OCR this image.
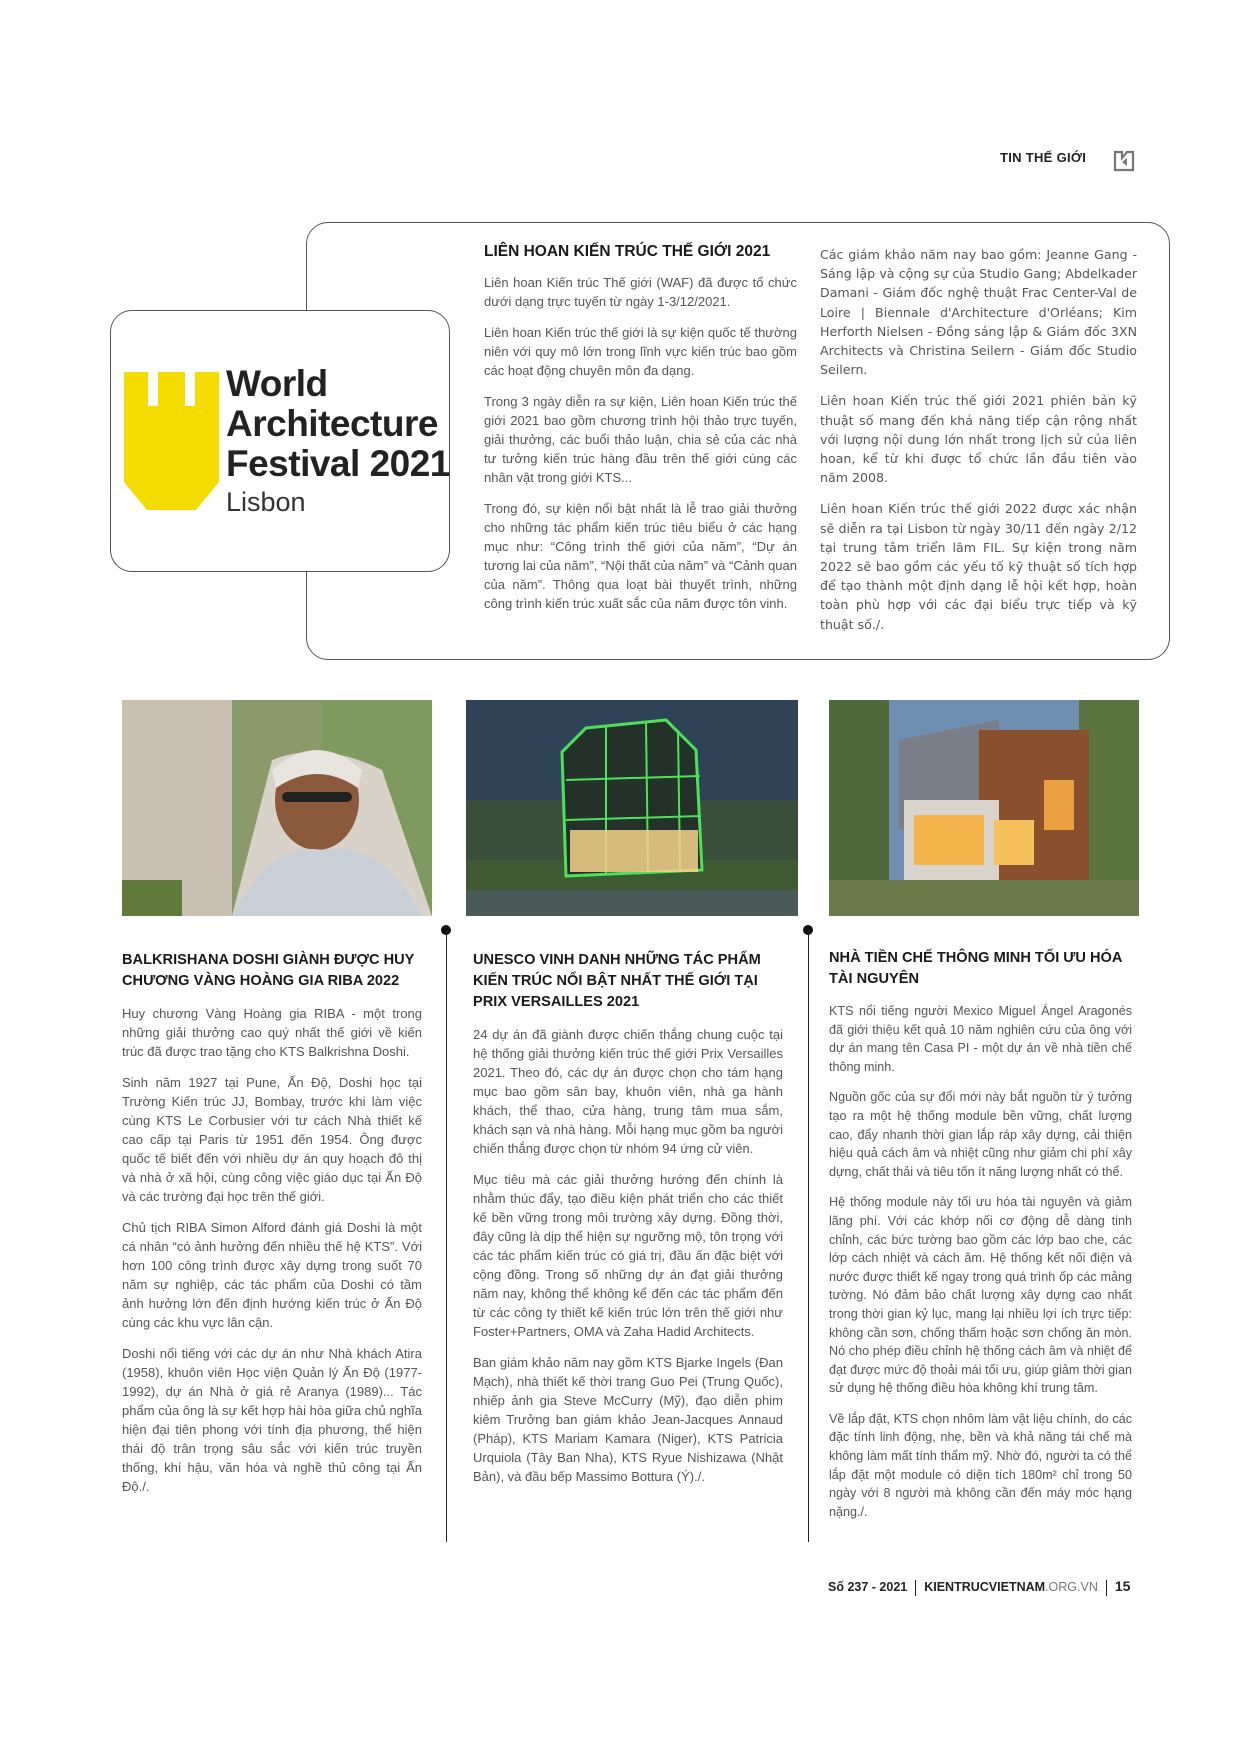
TIN THẾ GIỚI
World
Architecture
Festival 2021
Lisbon
LIÊN HOAN KIẾN TRÚC THẾ GIỚI 2021

Liên hoan Kiến trúc Thế giới (WAF) đã được tổ chức dưới dạng trực tuyến từ ngày 1-3/12/2021.

Liên hoan Kiến trúc thế giới là sự kiện quốc tế thường niên với quy mô lớn trong lĩnh vực kiến trúc bao gồm các hoạt động chuyên môn đa dạng.

Trong 3 ngày diễn ra sự kiện, Liên hoan Kiến trúc thế giới 2021 bao gồm chương trình hội thảo trực tuyến, giải thưởng, các buổi thảo luận, chia sẻ của các nhà tư tưởng kiến trúc hàng đầu trên thế giới cùng các nhân vật trong giới KTS...

Trong đó, sự kiện nổi bật nhất là lễ trao giải thưởng cho những tác phẩm kiến trúc tiêu biểu ở các hạng mục như: “Công trình thế giới của năm”, “Dự án tương lai của năm”, “Nội thất của năm” và “Cảnh quan của năm”. Thông qua loạt bài thuyết trình, những công trình kiến trúc xuất sắc của năm được tôn vinh.

Các giám khảo năm nay bao gồm: Jeanne Gang - Sáng lập và cộng sự của Studio Gang; Abdelkader Damani - Giám đốc nghệ thuật Frac Center-Val de Loire | Biennale d'Architecture d'Orléans; Kim Herforth Nielsen - Đồng sáng lập & Giám đốc 3XN Architects và Christina Seilern - Giám đốc Studio Seilern.

Liên hoan Kiến trúc thế giới 2021 phiên bản kỹ thuật số mang đến khả năng tiếp cận rộng nhất với lượng nội dung lớn nhất trong lịch sử của liên hoan, kể từ khi được tổ chức lần đầu tiên vào năm 2008.

Liên hoan Kiến trúc thế giới 2022 được xác nhận sẽ diễn ra tại Lisbon từ ngày 30/11 đến ngày 2/12 tại trung tâm triển lãm FIL. Sự kiện trong năm 2022 sẽ bao gồm các yếu tố kỹ thuật số tích hợp để tạo thành một định dạng lễ hội kết hợp, hoàn toàn phù hợp với các đại biểu trực tiếp và kỹ thuật số./.

BALKRISHANA DOSHI GIÀNH ĐƯỢC HUY CHƯƠNG VÀNG HOÀNG GIA RIBA 2022

Huy chương Vàng Hoàng gia RIBA - một trong những giải thưởng cao quý nhất thế giới về kiến trúc đã được trao tặng cho KTS Balkrishna Doshi.

Sinh năm 1927 tại Pune, Ấn Độ, Doshi học tại Trường Kiến trúc JJ, Bombay, trước khi làm việc cùng KTS Le Corbusier với tư cách Nhà thiết kế cao cấp tại Paris từ 1951 đến 1954. Ông được quốc tế biết đến với nhiều dự án quy hoạch đô thị và nhà ở xã hội, cùng công việc giáo dục tại Ấn Độ và các trường đại học trên thế giới.

Chủ tịch RIBA Simon Alford đánh giá Doshi là một cá nhân “có ảnh hưởng đến nhiều thế hệ KTS”. Với hơn 100 công trình được xây dựng trong suốt 70 năm sự nghiệp, các tác phẩm của Doshi có tầm ảnh hưởng lớn đến định hướng kiến trúc ở Ấn Độ cùng các khu vực lân cận.

Doshi nổi tiếng với các dự án như Nhà khách Atira (1958), khuôn viên Học viện Quản lý Ấn Độ (1977-1992), dự án Nhà ở giá rẻ Aranya (1989)... Tác phẩm của ông là sự kết hợp hài hòa giữa chủ nghĩa hiện đại tiên phong với tính địa phương, thể hiện thái độ trân trọng sâu sắc với kiến trúc truyền thống, khí hậu, văn hóa và nghề thủ công tại Ấn Độ./.

UNESCO VINH DANH NHỮNG TÁC PHẨM KIẾN TRÚC NỔI BẬT NHẤT THẾ GIỚI TẠI PRIX VERSAILLES 2021

24 dự án đã giành được chiến thắng chung cuộc tại hệ thống giải thưởng kiến trúc thế giới Prix Versailles 2021. Theo đó, các dự án được chọn cho tám hạng mục bao gồm sân bay, khuôn viên, nhà ga hành khách, thể thao, cửa hàng, trung tâm mua sắm, khách sạn và nhà hàng. Mỗi hạng mục gồm ba người chiến thắng được chọn từ nhóm 94 ứng cử viên.

Mục tiêu mà các giải thưởng hướng đến chính là nhằm thúc đẩy, tạo điều kiện phát triển cho các thiết kế bền vững trong môi trường xây dựng. Đồng thời, đây cũng là dịp thể hiện sự ngưỡng mộ, tôn trọng với các tác phẩm kiến trúc có giá trị, đầu ấn đặc biệt với cộng đồng. Trong số những dự án đạt giải thưởng năm nay, không thể không kể đến các tác phẩm đến từ các công ty thiết kế kiến trúc lớn trên thế giới như Foster+Partners, OMA và Zaha Hadid Architects.

Ban giám khảo năm nay gồm KTS Bjarke Ingels (Đan Mạch), nhà thiết kế thời trang Guo Pei (Trung Quốc), nhiếp ảnh gia Steve McCurry (Mỹ), đạo diễn phim kiêm Trưởng ban giám khảo Jean-Jacques Annaud (Pháp), KTS Mariam Kamara (Niger), KTS Patricia Urquiola (Tây Ban Nha), KTS Ryue Nishizawa (Nhật Bản), và đầu bếp Massimo Bottura (Ý)./.

NHÀ TIỀN CHẾ THÔNG MINH TỐI ƯU HÓA TÀI NGUYÊN

KTS nổi tiếng người Mexico Miguel Ángel Aragonés đã giới thiệu kết quả 10 năm nghiên cứu của ông với dự án mang tên Casa PI - một dự án về nhà tiền chế thông minh.

Nguồn gốc của sự đổi mới này bắt nguồn từ ý tưởng tạo ra một hệ thống module bền vững, chất lượng cao, đẩy nhanh thời gian lắp ráp xây dựng, cải thiện hiệu quả cách âm và nhiệt cũng như giảm chi phí xây dựng, chất thải và tiêu tốn ít năng lượng nhất có thể.

Hệ thống module này tối ưu hóa tài nguyên và giảm lãng phí. Với các khớp nối cơ động dễ dàng tinh chỉnh, các bức tường bao gồm các lớp bao che, các lớp cách nhiệt và cách âm. Hệ thống kết nối điện và nước được thiết kế ngay trong quá trình ốp các mảng tường. Nó đảm bảo chất lượng xây dựng cao nhất trong thời gian kỷ lục, mang lại nhiều lợi ích trực tiếp: không cần sơn, chống thấm hoặc sơn chống ăn mòn. Nó cho phép điều chỉnh hệ thống cách âm và nhiệt để đạt được mức độ thoải mái tối ưu, giúp giảm thời gian sử dụng hệ thống điều hòa không khí trung tâm.

Về lắp đặt, KTS chọn nhôm làm vật liệu chính, do các đặc tính linh động, nhẹ, bền và khả năng tái chế mà không làm mất tính thẩm mỹ. Nhờ đó, người ta có thể lắp đặt một module có diện tích 180m² chỉ trong 50 ngày với 8 người mà không cần đến máy móc hạng nặng./.

Số 237 - 2021 KIENTRUCVIETNAM.ORG.VN 15
